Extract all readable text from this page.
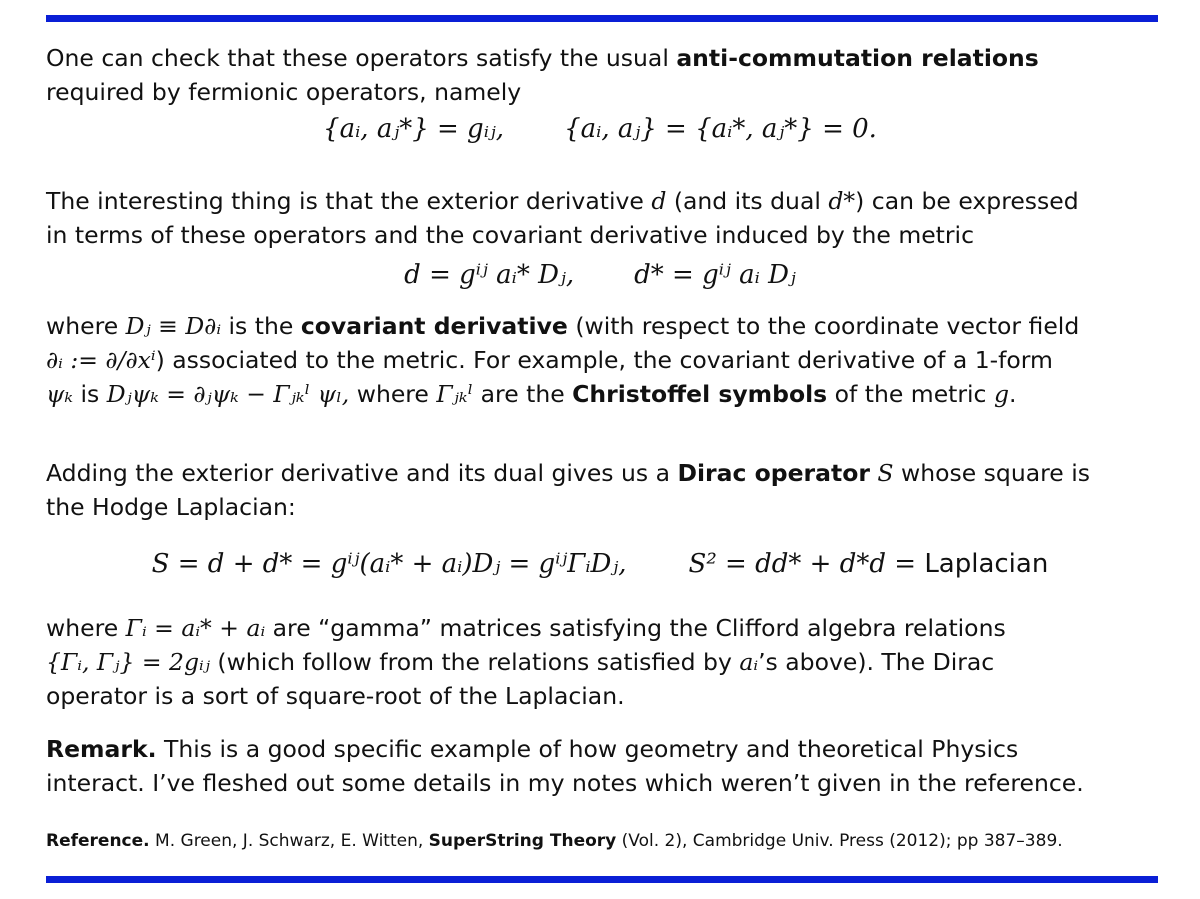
One can check that these operators satisfy the usual anti-commutation relations
required by fermionic operators, namely
{aᵢ, aⱼ*} = gᵢⱼ, {aᵢ, aⱼ} = {aᵢ*, aⱼ*} = 0.
The interesting thing is that the exterior derivative d (and its dual d*) can be expressed
in terms of these operators and the covariant derivative induced by the metric
d = gⁱʲ aᵢ* Dⱼ, d* = gⁱʲ aᵢ Dⱼ
where Dⱼ ≡ D∂ᵢ is the covariant derivative (with respect to the coordinate vector field
∂ᵢ := ∂/∂xⁱ) associated to the metric. For example, the covariant derivative of a 1-form
ψₖ is Dⱼψₖ = ∂ⱼψₖ − Γⱼₖˡ ψₗ, where Γⱼₖˡ are the Christoffel symbols of the metric g.
Adding the exterior derivative and its dual gives us a Dirac operator S whose square is
the Hodge Laplacian:
S = d + d* = gⁱʲ(aᵢ* + aᵢ)Dⱼ = gⁱʲΓᵢDⱼ, S² = dd* + d*d = Laplacian
where Γᵢ = aᵢ* + aᵢ are “gamma” matrices satisfying the Clifford algebra relations
{Γᵢ, Γⱼ} = 2gᵢⱼ (which follow from the relations satisfied by aᵢ’s above). The Dirac
operator is a sort of square-root of the Laplacian.
Remark. This is a good specific example of how geometry and theoretical Physics
interact. I’ve fleshed out some details in my notes which weren’t given in the reference.
Reference. M. Green, J. Schwarz, E. Witten, SuperString Theory (Vol. 2), Cambridge Univ. Press (2012); pp 387–389.
